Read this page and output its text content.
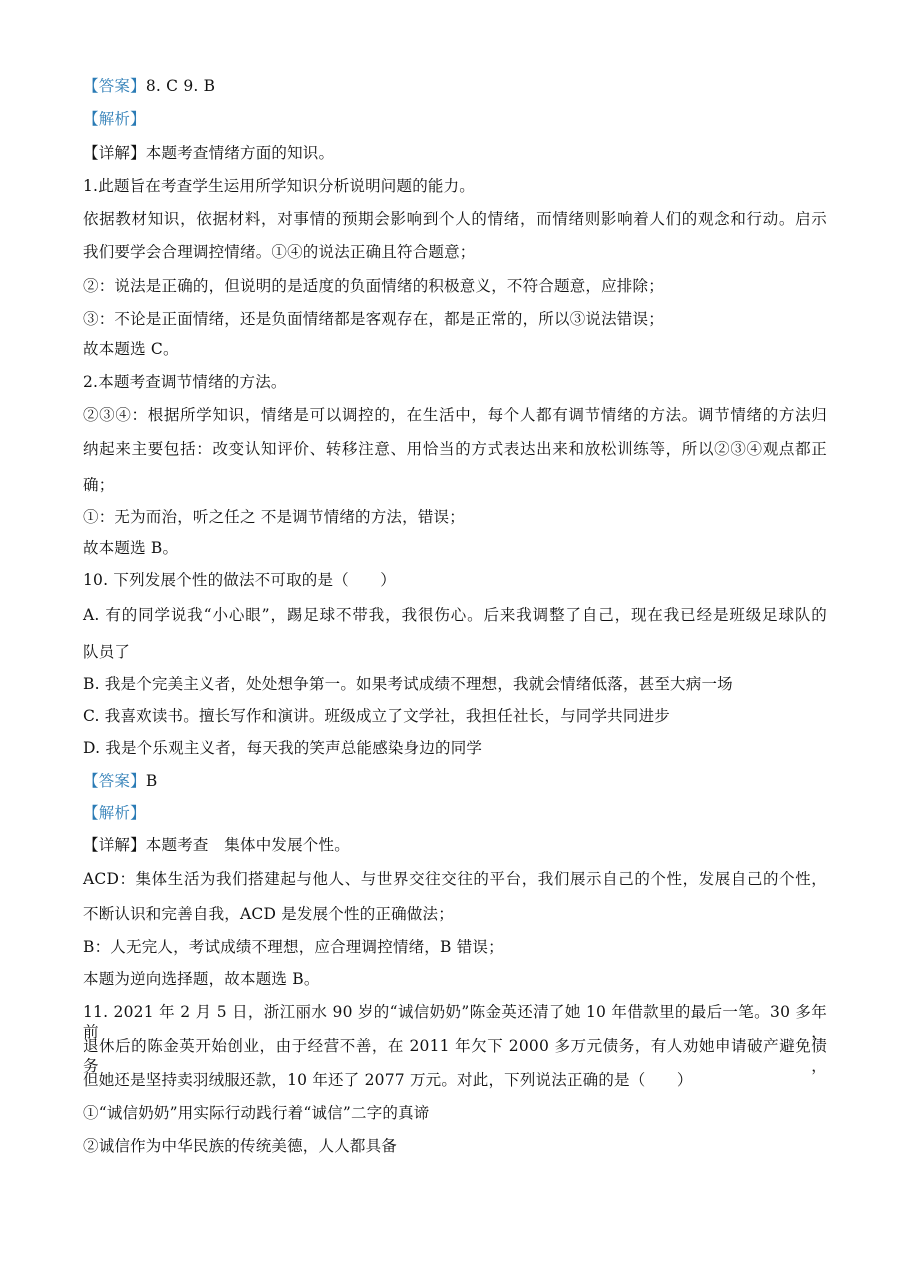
【答案】8. C 9. B
【解析】
【详解】本题考查情绪方面的知识。
1.此题旨在考查学生运用所学知识分析说明问题的能力。
依据教材知识，依据材料，对事情的预期会影响到个人的情绪，而情绪则影响着人们的观念和行动。启示
我们要学会合理调控情绪。①④的说法正确且符合题意；
②：说法是正确的，但说明的是适度的负面情绪的积极意义，不符合题意，应排除；
③：不论是正面情绪，还是负面情绪都是客观存在，都是正常的，所以③说法错误；
故本题选 C。
2.本题考查调节情绪的方法。
②③④：根据所学知识，情绪是可以调控的，在生活中，每个人都有调节情绪的方法。调节情绪的方法归
纳起来主要包括：改变认知评价、转移注意、用恰当的方式表达出来和放松训练等，所以②③④观点都正
确；
①：无为而治，听之任之 不是调节情绪的方法，错误；
故本题选 B。
10. 下列发展个性的做法不可取的是（　　）
A. 有的同学说我“小心眼”，踢足球不带我，我很伤心。后来我调整了自己，现在我已经是班级足球队的
队员了
B. 我是个完美主义者，处处想争第一。如果考试成绩不理想，我就会情绪低落，甚至大病一场
C. 我喜欢读书。擅长写作和演讲。班级成立了文学社，我担任社长，与同学共同进步
D. 我是个乐观主义者，每天我的笑声总能感染身边的同学
【答案】B
【解析】
【详解】本题考查　集体中发展个性。
ACD：集体生活为我们搭建起与他人、与世界交往交往的平台，我们展示自己的个性，发展自己的个性，
不断认识和完善自我，ACD 是发展个性的正确做法；
B：人无完人，考试成绩不理想，应合理调控情绪，B 错误；
本题为逆向选择题，故本题选 B。
11. 2021 年 2 月 5 日，浙江丽水 90 岁的“诚信奶奶”陈金英还清了她 10 年借款里的最后一笔。30 多年前，
退休后的陈金英开始创业，由于经营不善，在 2011 年欠下 2000 多万元债务，有人劝她申请破产避免债务，
但她还是坚持卖羽绒服还款，10 年还了 2077 万元。对此，下列说法正确的是（　　）
①“诚信奶奶”用实际行动践行着“诚信”二字的真谛
②诚信作为中华民族的传统美德，人人都具备
